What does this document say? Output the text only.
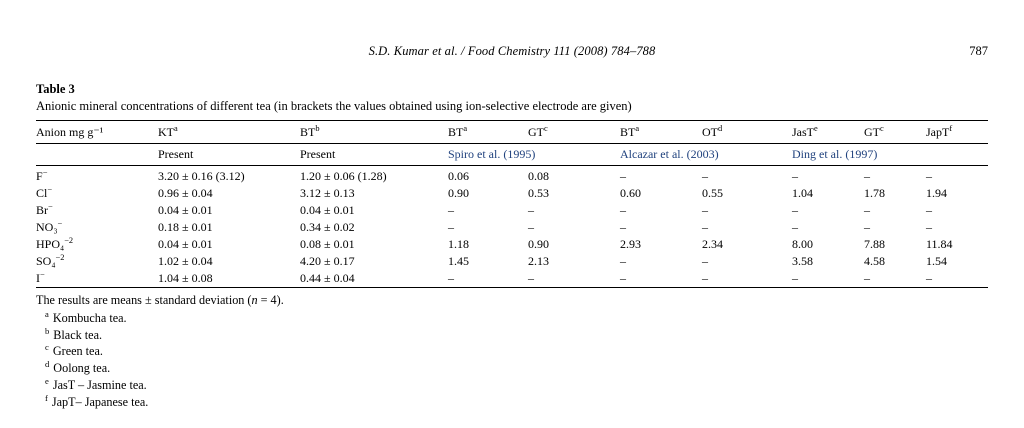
S.D. Kumar et al. / Food Chemistry 111 (2008) 784–788	787
Table 3
Anionic mineral concentrations of different tea (in brackets the values obtained using ion-selective electrode are given)
Anion mg g⁻¹	$KT^a$	$BT^b$	$BT^a$	$GT^c$	$BT^a$	$OT^d$	JasT$^e$	$GT^c$	JapT$^f$
	Present	Present	Spiro et al. (1995)		Alcazar et al. (2003)		Ding et al. (1997)		
F−	3.20 ± 0.16 (3.12)	1.20 ± 0.06 (1.28)	0.06	0.08	–	–	–	–	–
Cl−	0.96 ± 0.04	3.12 ± 0.13	0.90	0.53	0.60	0.55	1.04	1.78	1.94
Br−	0.04 ± 0.01	0.04 ± 0.01	–	–	–	–	–	–	–
NO₃−	0.18 ± 0.01	0.34 ± 0.02	–	–	–	–	–	–	–
HPO₄$^{-2}$	0.04 ± 0.01	0.08 ± 0.01	1.18	0.90	2.93	2.34	8.00	7.88	11.84
SO₄$^{-2}$	1.02 ± 0.04	4.20 ± 0.17	1.45	2.13	–	–	3.58	4.58	1.54
I−	1.04 ± 0.08	0.44 ± 0.04	–	–	–	–	–	–	–

The results are means ± standard deviation (n = 4).
$^a$ Kombucha tea.
$^b$ Black tea.
$^c$ Green tea.
$^d$ Oolong tea.
$^e$ JasT – Jasmine tea.
$^f$ JapT– Japanese tea.
